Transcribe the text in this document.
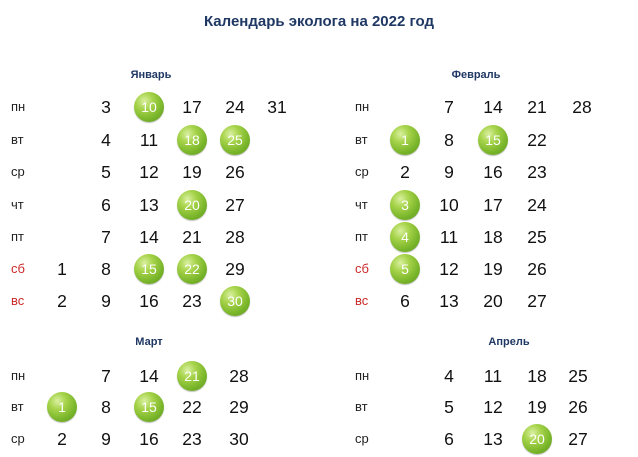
Календарь эколога на 2022 год
Январь
пн
вт
ср
чт
пт
сб
вс
1
2
3
4
5
6
7
8
9
10
11
12
13
14
15
16
17
18
19
20
21
22
23
24
25
26
27
28
29
30
31
Февраль
пн
вт
ср
чт
пт
сб
вс
1
2
3
4
5
6
7
8
9
10
11
12
13
14
15
16
17
18
19
20
21
22
23
24
25
26
27
28
Март
пн
вт
ср
1
2
7
8
9
14
15
16
21
22
23
28
29
30
Апрель
пн
вт
ср
4
5
6
11
12
13
18
19
20
25
26
27
